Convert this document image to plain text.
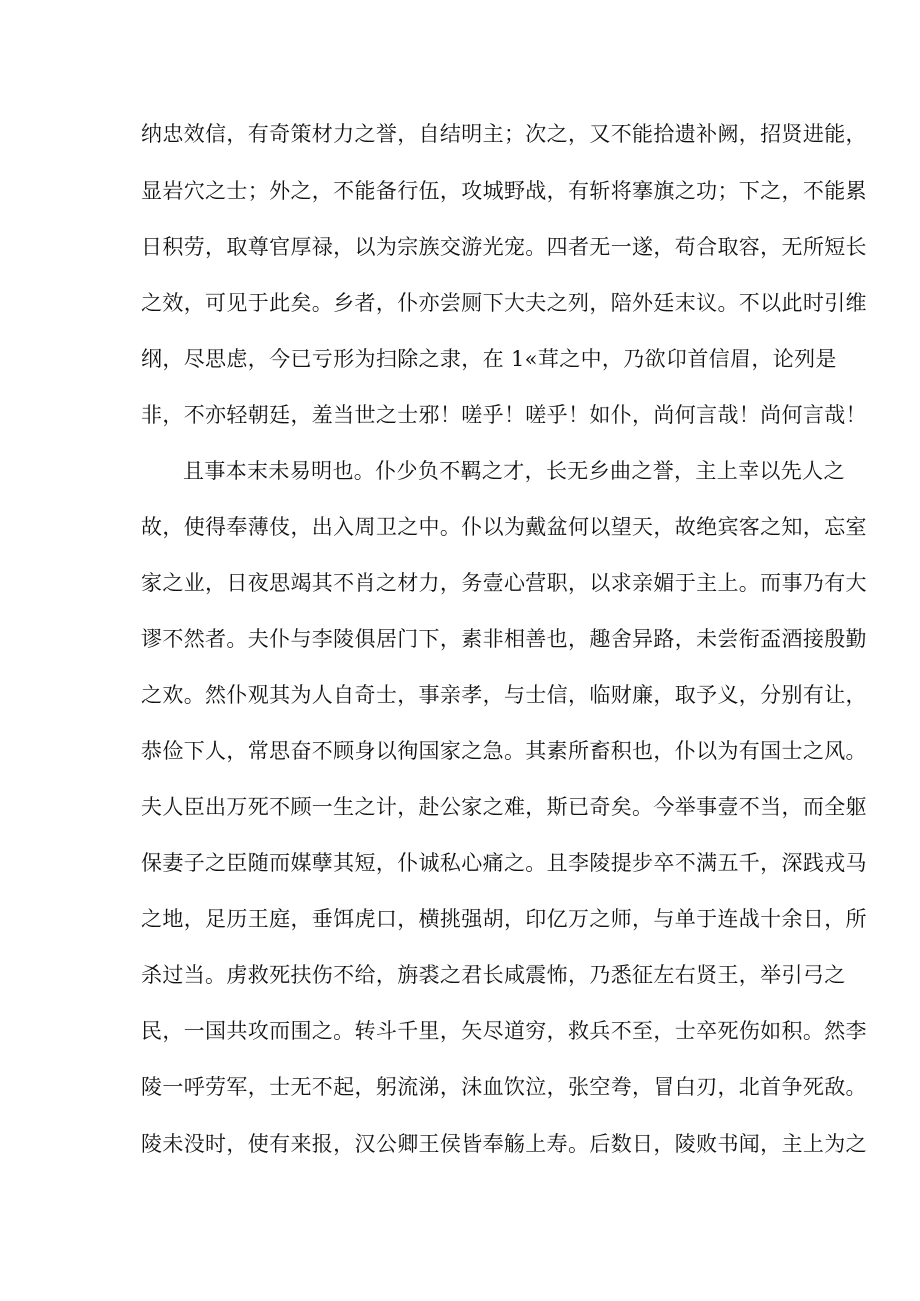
纳忠效信，有奇策材力之誉，自结明主；次之，又不能拾遗补阙，招贤进能，
显岩穴之士；外之，不能备行伍，攻城野战，有斩将搴旗之功；下之，不能累
日积劳，取尊官厚禄，以为宗族交游光宠。四者无一遂，苟合取容，无所短长
之效，可见于此矣。乡者，仆亦尝厕下大夫之列，陪外廷末议。不以此时引维
纲，尽思虑，今已亏形为扫除之隶，在 1«茸之中，乃欲卬首信眉，论列是
非，不亦轻朝廷，羞当世之士邪！嗟乎！嗟乎！如仆，尚何言哉！尚何言哉！
且事本末未易明也。仆少负不羁之才，长无乡曲之誉，主上幸以先人之
故，使得奉薄伎，出入周卫之中。仆以为戴盆何以望天，故绝宾客之知，忘室
家之业，日夜思竭其不肖之材力，务壹心营职，以求亲媚于主上。而事乃有大
谬不然者。夫仆与李陵俱居门下，素非相善也，趣舍异路，未尝衔盃酒接殷勤
之欢。然仆观其为人自奇士，事亲孝，与士信，临财廉，取予义，分别有让，
恭俭下人，常思奋不顾身以徇国家之急。其素所畜积也，仆以为有国士之风。
夫人臣出万死不顾一生之计，赴公家之难，斯已奇矣。今举事壹不当，而全躯
保妻子之臣随而媒孽其短，仆诚私心痛之。且李陵提步卒不满五千，深践戎马
之地，足历王庭，垂饵虎口，横挑强胡，印亿万之师，与单于连战十余日，所
杀过当。虏救死扶伤不给，旃裘之君长咸震怖，乃悉征左右贤王，举引弓之
民，一国共攻而围之。转斗千里，矢尽道穷，救兵不至，士卒死伤如积。然李
陵一呼劳军，士无不起，躬流涕，沬血饮泣，张空弮，冒白刃，北首争死敌。
陵未没时，使有来报，汉公卿王侯皆奉觞上寿。后数日，陵败书闻，主上为之
